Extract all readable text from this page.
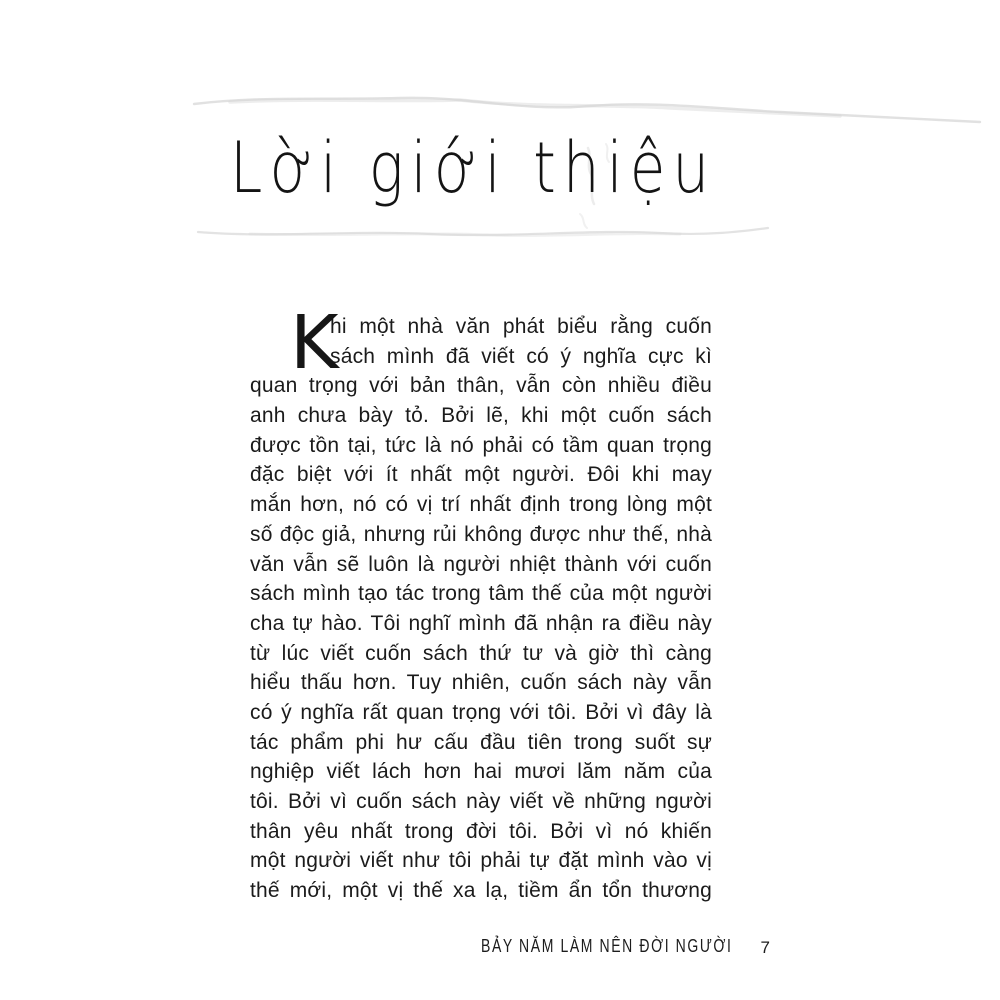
Lời giới thiệu
K
hi một nhà văn phát biểu rằng cuốn
sách mình đã viết có ý nghĩa cực kì
quan trọng với bản thân, vẫn còn nhiều điều
anh chưa bày tỏ. Bởi lẽ, khi một cuốn sách
được tồn tại, tức là nó phải có tầm quan trọng
đặc biệt với ít nhất một người. Đôi khi may
mắn hơn, nó có vị trí nhất định trong lòng một
số độc giả, nhưng rủi không được như thế, nhà
văn vẫn sẽ luôn là người nhiệt thành với cuốn
sách mình tạo tác trong tâm thế của một người
cha tự hào. Tôi nghĩ mình đã nhận ra điều này
từ lúc viết cuốn sách thứ tư và giờ thì càng
hiểu thấu hơn. Tuy nhiên, cuốn sách này vẫn
có ý nghĩa rất quan trọng với tôi. Bởi vì đây là
tác phẩm phi hư cấu đầu tiên trong suốt sự
nghiệp viết lách hơn hai mươi lăm năm của
tôi. Bởi vì cuốn sách này viết về những người
thân yêu nhất trong đời tôi. Bởi vì nó khiến
một người viết như tôi phải tự đặt mình vào vị
thế mới, một vị thế xa lạ, tiềm ẩn tổn thương
BẢY NĂM LÀM NÊN ĐỜI NGƯỜI 7
